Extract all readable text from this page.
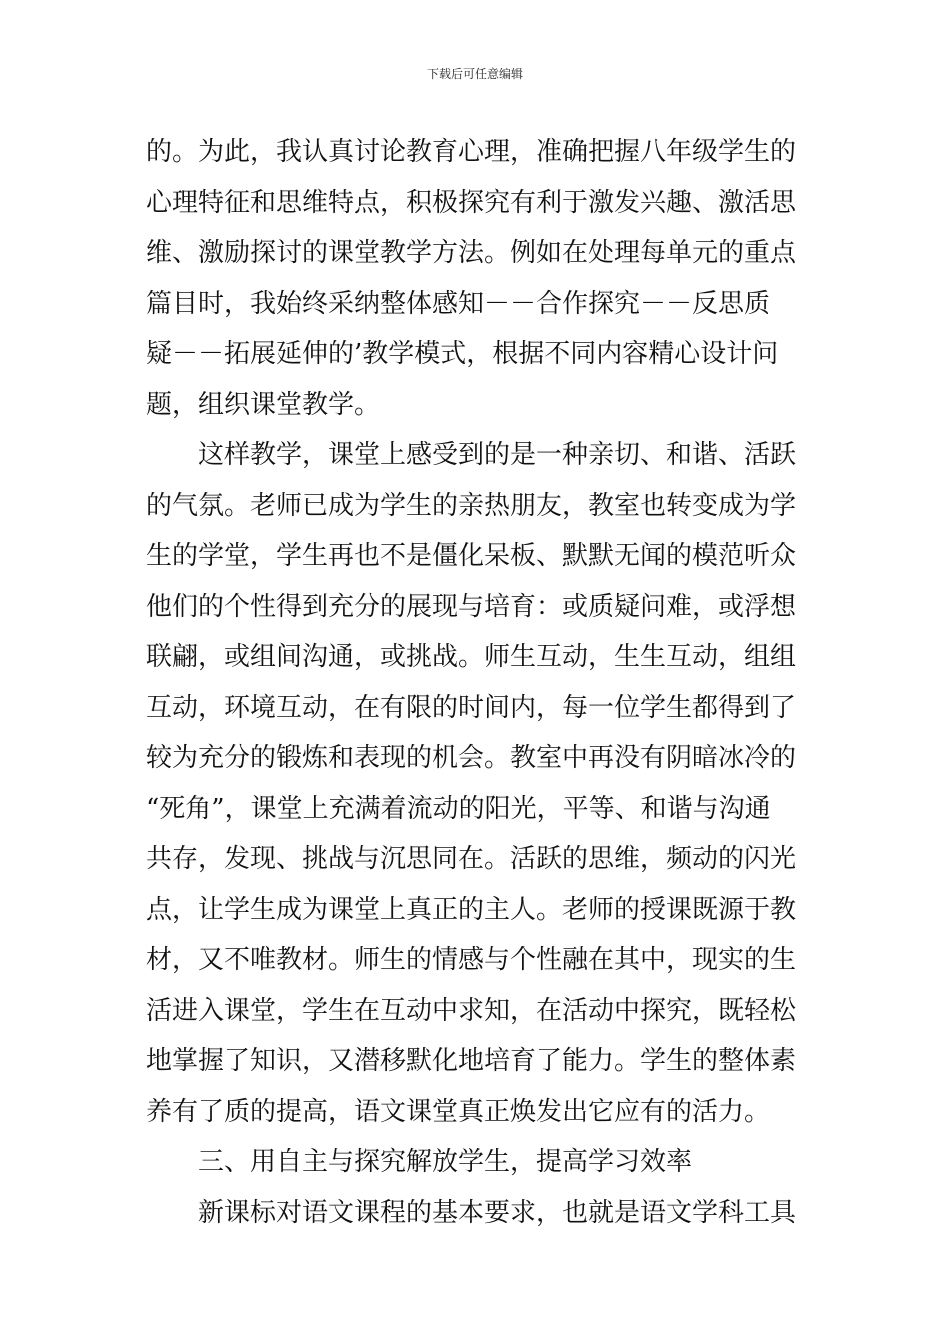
下载后可任意编辑
的。为此，我认真讨论教育心理，准确把握八年级学生的
心理特征和思维特点，积极探究有利于激发兴趣、激活思
维、激励探讨的课堂教学方法。例如在处理每单元的重点
篇目时，我始终采纳整体感知－－合作探究－－反思质
疑－－拓展延伸的’教学模式，根据不同内容精心设计问
题，组织课堂教学。
这样教学，课堂上感受到的是一种亲切、和谐、活跃
的气氛。老师已成为学生的亲热朋友，教室也转变成为学
生的学堂，学生再也不是僵化呆板、默默无闻的模范听众
他们的个性得到充分的展现与培育：或质疑问难，或浮想
联翩，或组间沟通，或挑战。师生互动，生生互动，组组
互动，环境互动，在有限的时间内，每一位学生都得到了
较为充分的锻炼和表现的机会。教室中再没有阴暗冰冷的
“死角”，课堂上充满着流动的阳光，平等、和谐与沟通
共存，发现、挑战与沉思同在。活跃的思维，频动的闪光
点，让学生成为课堂上真正的主人。老师的授课既源于教
材，又不唯教材。师生的情感与个性融在其中，现实的生
活进入课堂，学生在互动中求知，在活动中探究，既轻松
地掌握了知识，又潜移默化地培育了能力。学生的整体素
养有了质的提高，语文课堂真正焕发出它应有的活力。
三、用自主与探究解放学生，提高学习效率
新课标对语文课程的基本要求，也就是语文学科工具
